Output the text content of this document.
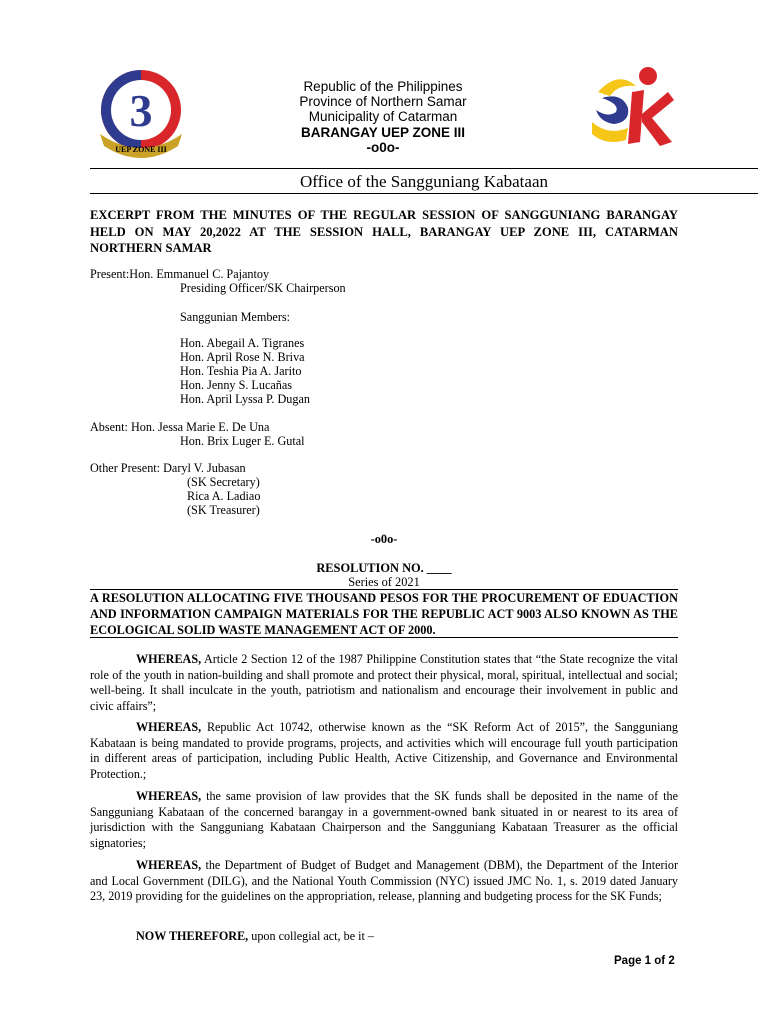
3
UEP ZONE III
Republic of the Philippines
Province of Northern Samar
Municipality of Catarman
BARANGAY UEP ZONE III
-o0o-
Office of the Sangguniang Kabataan
EXCERPT FROM THE MINUTES OF THE REGULAR SESSION OF SANGGUNIANG BARANGAY HELD ON MAY 20,2022 AT THE SESSION HALL, BARANGAY UEP ZONE III, CATARMAN NORTHERN SAMAR
Present:Hon. Emmanuel C. Pajantoy
Presiding Officer/SK Chairperson
Sanggunian Members:
Hon. Abegail A. Tigranes
Hon. April Rose N. Briva
Hon. Teshia Pia A. Jarito
Hon. Jenny S. Lucañas
Hon. April Lyssa P. Dugan
Absent: Hon. Jessa Marie E. De Una
Hon. Brix Luger E. Gutal
Other Present: Daryl V. Jubasan
(SK Secretary)
Rica A. Ladiao
(SK Treasurer)
-o0o-
RESOLUTION NO. ____
Series of 2021
A RESOLUTION ALLOCATING FIVE THOUSAND PESOS FOR THE PROCUREMENT OF EDUACTION AND INFORMATION CAMPAIGN MATERIALS FOR THE REPUBLIC ACT 9003 ALSO KNOWN AS THE ECOLOGICAL SOLID WASTE MANAGEMENT ACT OF 2000.
WHEREAS, Article 2 Section 12 of the 1987 Philippine Constitution states that “the State recognize the vital role of the youth in nation-building and shall promote and protect their physical, moral, spiritual, intellectual and social; well-being. It shall inculcate in the youth, patriotism and nationalism and encourage their involvement in public and civic affairs”;
WHEREAS, Republic Act 10742, otherwise known as the “SK Reform Act of 2015”, the Sangguniang Kabataan is being mandated to provide programs, projects, and activities which will encourage full youth participation in different areas of participation, including Public Health, Active Citizenship, and Governance and Environmental Protection.;
WHEREAS, the same provision of law provides that the SK funds shall be deposited in the name of the Sangguniang Kabataan of the concerned barangay in a government-owned bank situated in or nearest to its area of jurisdiction with the Sangguniang Kabataan Chairperson and the Sangguniang Kabataan Treasurer as the official signatories;
WHEREAS, the Department of Budget of Budget and Management (DBM), the Department of the Interior and Local Government (DILG), and the National Youth Commission (NYC) issued JMC No. 1, s. 2019 dated January 23, 2019 providing for the guidelines on the appropriation, release, planning and budgeting process for the SK Funds;
NOW THEREFORE, upon collegial act, be it –
Page 1 of 2
